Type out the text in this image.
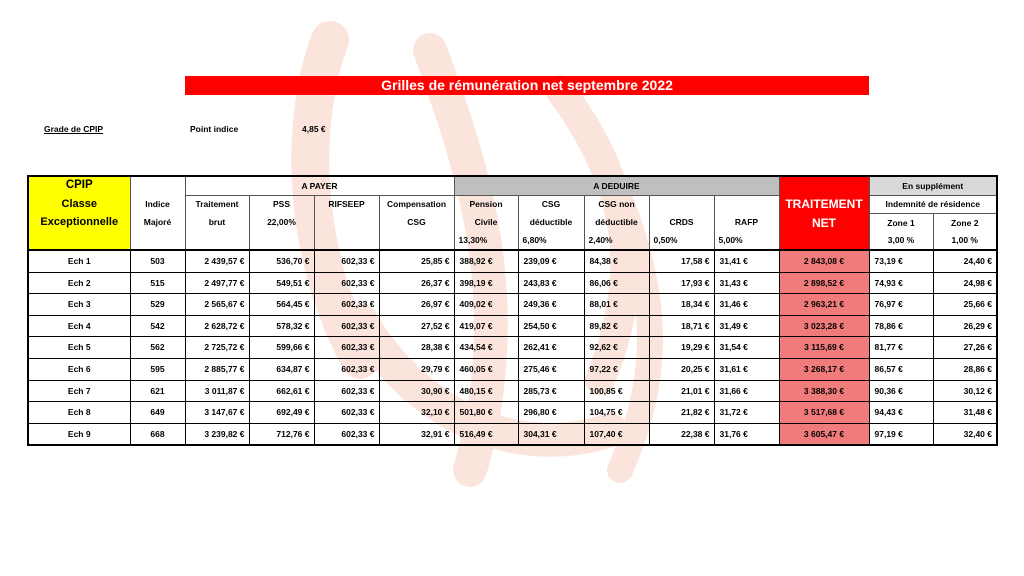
Grilles de rémunération net septembre 2022
Grade de CPIP	Point indice	4,85 €
CPIP		A PAYER				A DEDUIRE						En supplément	
Classe	Indice	Traitement	PSS	RIFSEEP	Compensation	Pension	CSG	CSG non			TRAITEMENT	Indemnité de résidence	
Exceptionnelle	Majoré	brut	22,00%		CSG	Civile	déductible	déductible	CRDS	RAFP	NET	Zone 1	Zone 2
						13,30%	6,80%	2,40%	0,50%	5,00%		3,00 %	1,00 %
Ech 1	503	2 439,57 €	536,70 €	602,33 €	25,85 €	388,92 €	239,09 €	84,38 €	17,58 €	31,41 €	2 843,08 €	73,19 €	24,40 €
Ech 2	515	2 497,77 €	549,51 €	602,33 €	26,37 €	398,19 €	243,83 €	86,06 €	17,93 €	31,43 €	2 898,52 €	74,93 €	24,98 €
Ech 3	529	2 565,67 €	564,45 €	602,33 €	26,97 €	409,02 €	249,36 €	88,01 €	18,34 €	31,46 €	2 963,21 €	76,97 €	25,66 €
Ech 4	542	2 628,72 €	578,32 €	602,33 €	27,52 €	419,07 €	254,50 €	89,82 €	18,71 €	31,49 €	3 023,28 €	78,86 €	26,29 €
Ech 5	562	2 725,72 €	599,66 €	602,33 €	28,38 €	434,54 €	262,41 €	92,62 €	19,29 €	31,54 €	3 115,69 €	81,77 €	27,26 €
Ech 6	595	2 885,77 €	634,87 €	602,33 €	29,79 €	460,05 €	275,46 €	97,22 €	20,25 €	31,61 €	3 268,17 €	86,57 €	28,86 €
Ech 7	621	3 011,87 €	662,61 €	602,33 €	30,90 €	480,15 €	285,73 €	100,85 €	21,01 €	31,66 €	3 388,30 €	90,36 €	30,12 €
Ech 8	649	3 147,67 €	692,49 €	602,33 €	32,10 €	501,80 €	296,80 €	104,75 €	21,82 €	31,72 €	3 517,68 €	94,43 €	31,48 €
Ech 9	668	3 239,82 €	712,76 €	602,33 €	32,91 €	516,49 €	304,31 €	107,40 €	22,38 €	31,76 €	3 605,47 €	97,19 €	32,40 €
